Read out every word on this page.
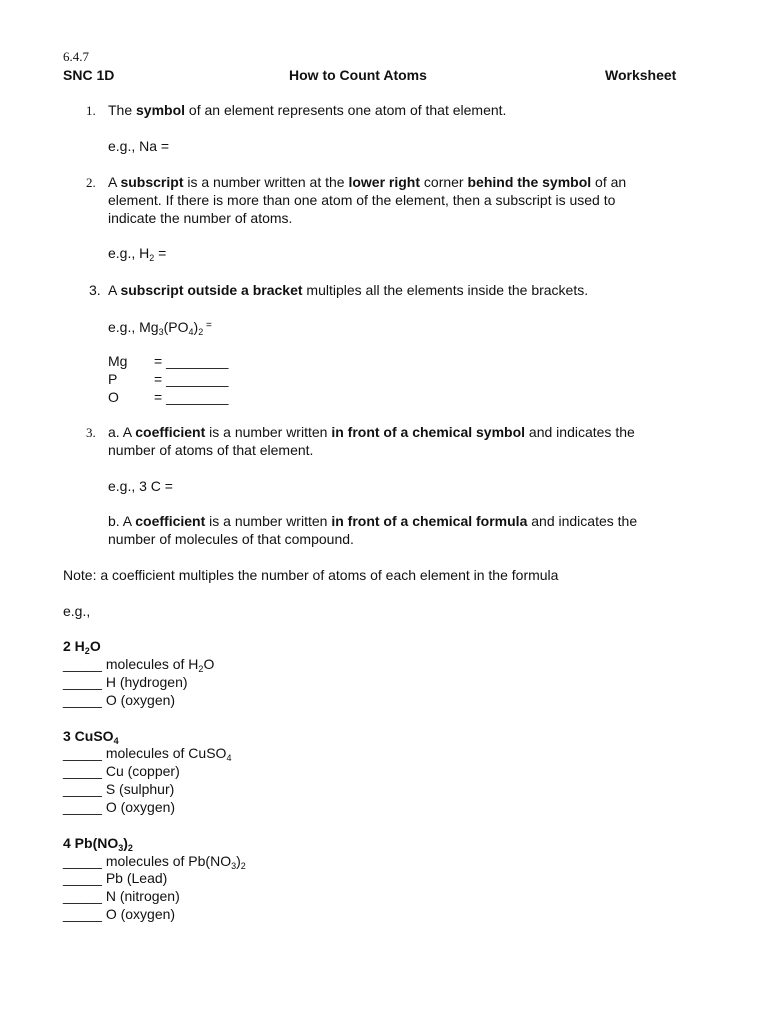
6.4.7
SNC 1D	How to Count Atoms	Worksheet
1. The symbol of an element represents one atom of that element.
e.g., Na =
2. A subscript is a number written at the lower right corner behind the symbol of an
element. If there is more than one atom of the element, then a subscript is used to
indicate the number of atoms.
e.g., $H_2$ =
3. A subscript outside a bracket multiples all the elements inside the brackets.
e.g., $Mg_3(PO_4)_2$ =
Mg = ________
P	= ________
O	= ________
3. a. A coefficient is a number written in front of a chemical symbol and indicates the
number of atoms of that element.
e.g., 3 C =
b. A coefficient is a number written in front of a chemical formula and indicates the
number of molecules of that compound.
Note: a coefficient multiples the number of atoms of each element in the formula
e.g.,
2 $H_2O$
_____ molecules of $H_2O$
_____ H (hydrogen)
_____ O (oxygen)
3 CuSO$_4$
_____ molecules of CuSO$_4$
_____ Cu (copper)
_____ S (sulphur)
_____ O (oxygen)
4 $Pb(NO_3)_2$
_____ molecules of $Pb(NO_3)_2$
_____ Pb (Lead)
_____ N (nitrogen)
_____ O (oxygen)
